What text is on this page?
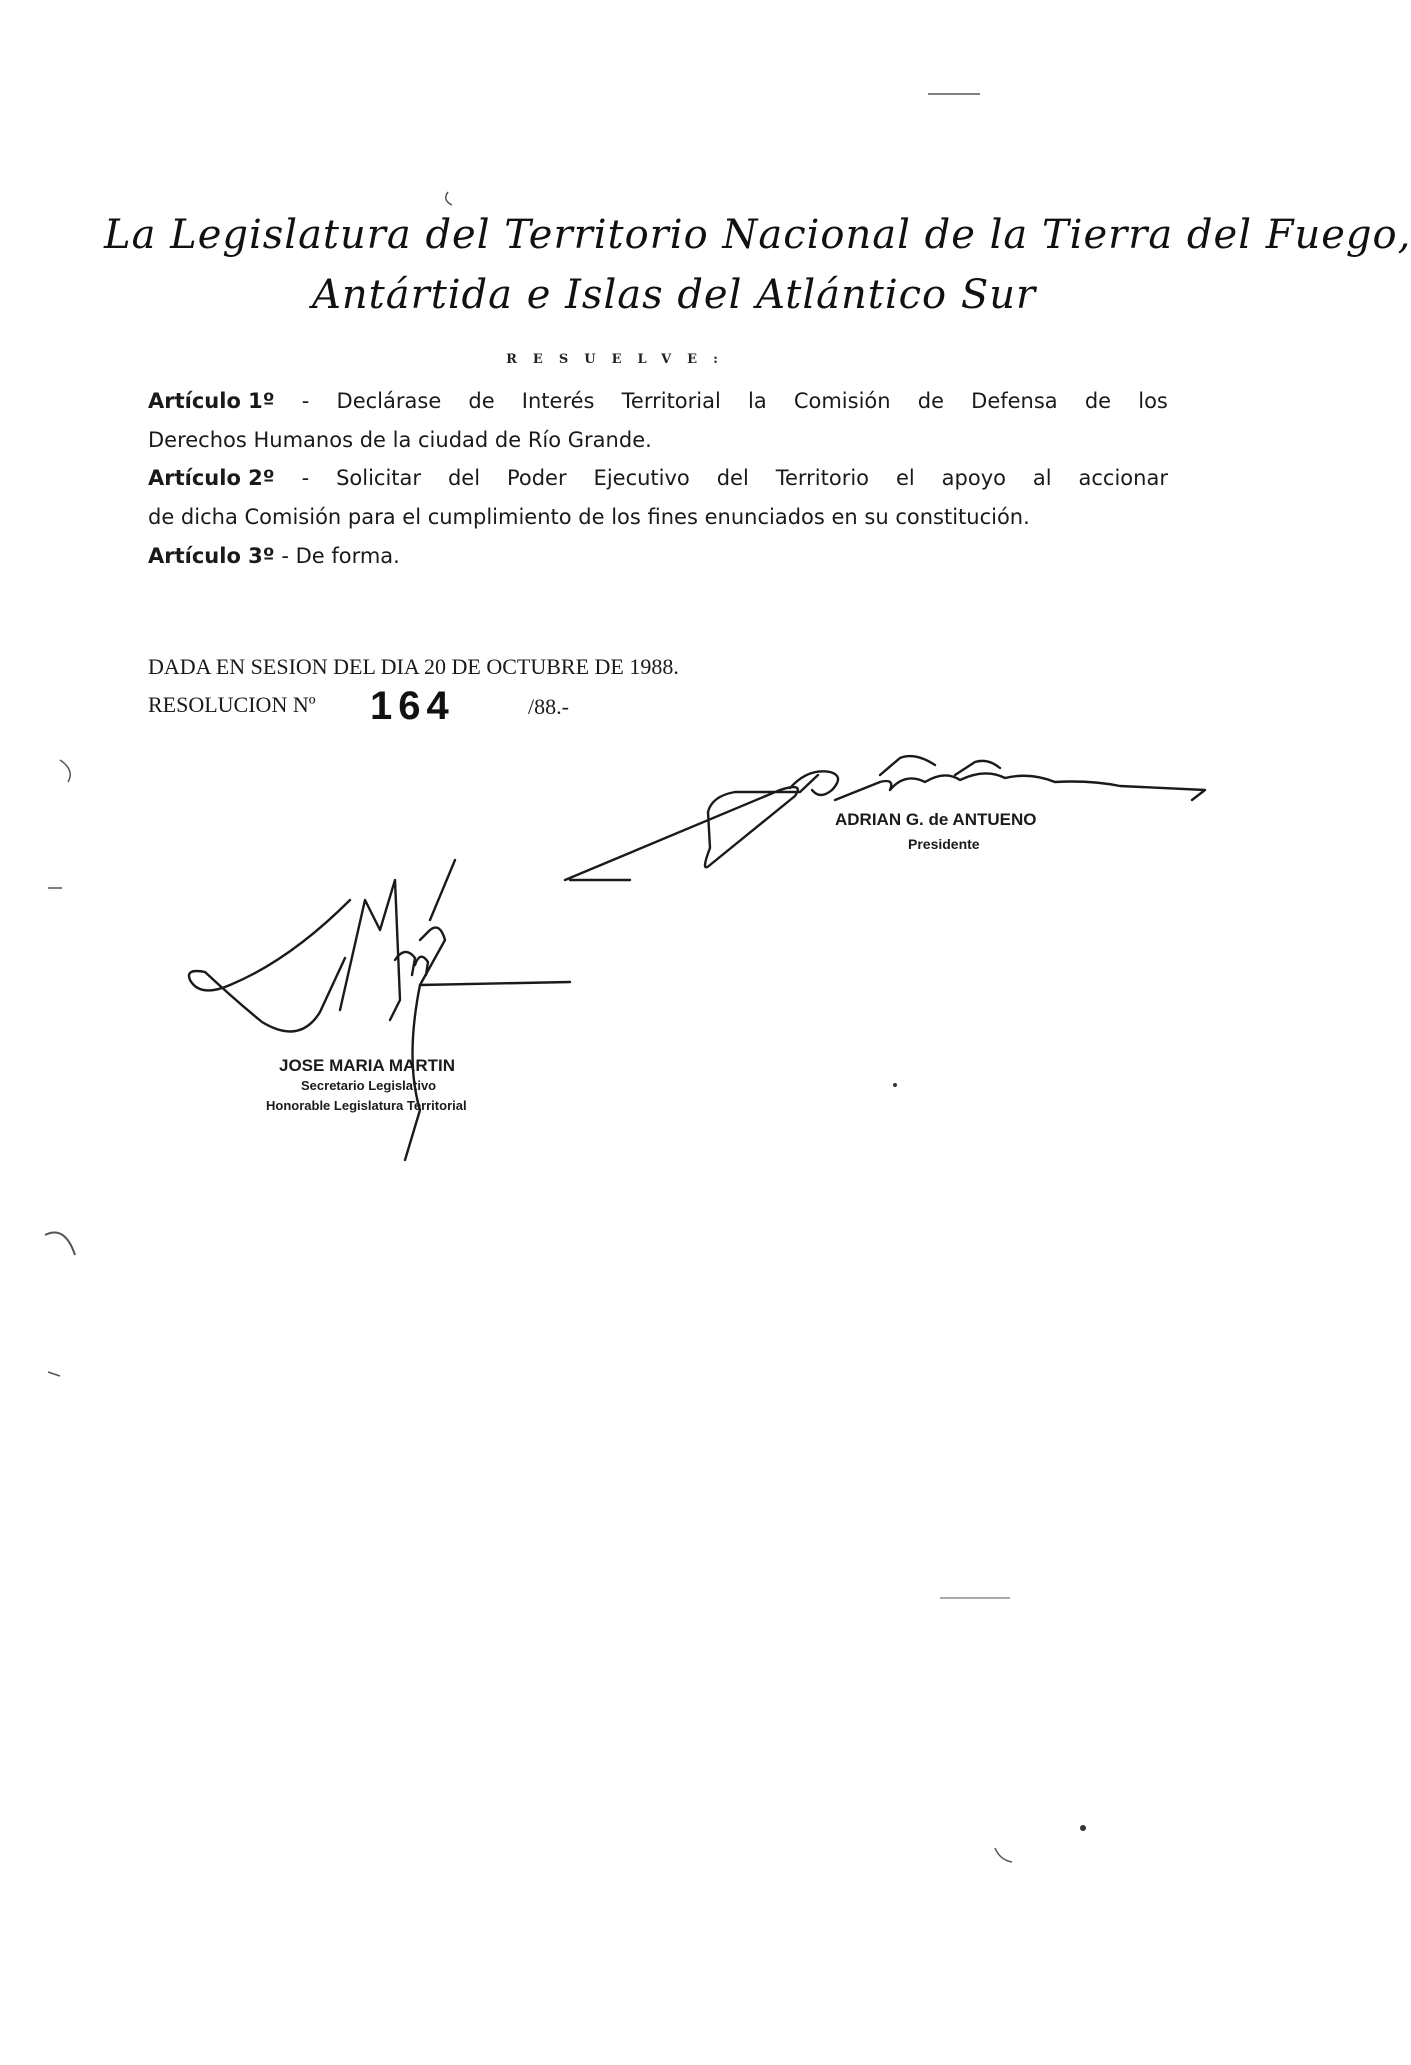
La Legislatura del Territorio Nacional de la Tierra del Fuego,
Antártida e Islas del Atlántico Sur
RESUELVE:
Artículo 1º - Declárase de Interés Territorial la Comisión de Defensa de los
Derechos Humanos de la ciudad de Río Grande.
Artículo 2º - Solicitar del Poder Ejecutivo del Territorio el apoyo al accionar
de dicha Comisión para el cumplimiento de los fines enunciados en su constitución.
Artículo 3º - De forma.
DADA EN SESION DEL DIA 20 DE OCTUBRE DE 1988.
RESOLUCION Nº 164	/88.-
ADRIAN G. de ANTUENO
Presidente
JOSE MARIA MARTIN
Secretario Legislativo
Honorable Legislatura Territorial
